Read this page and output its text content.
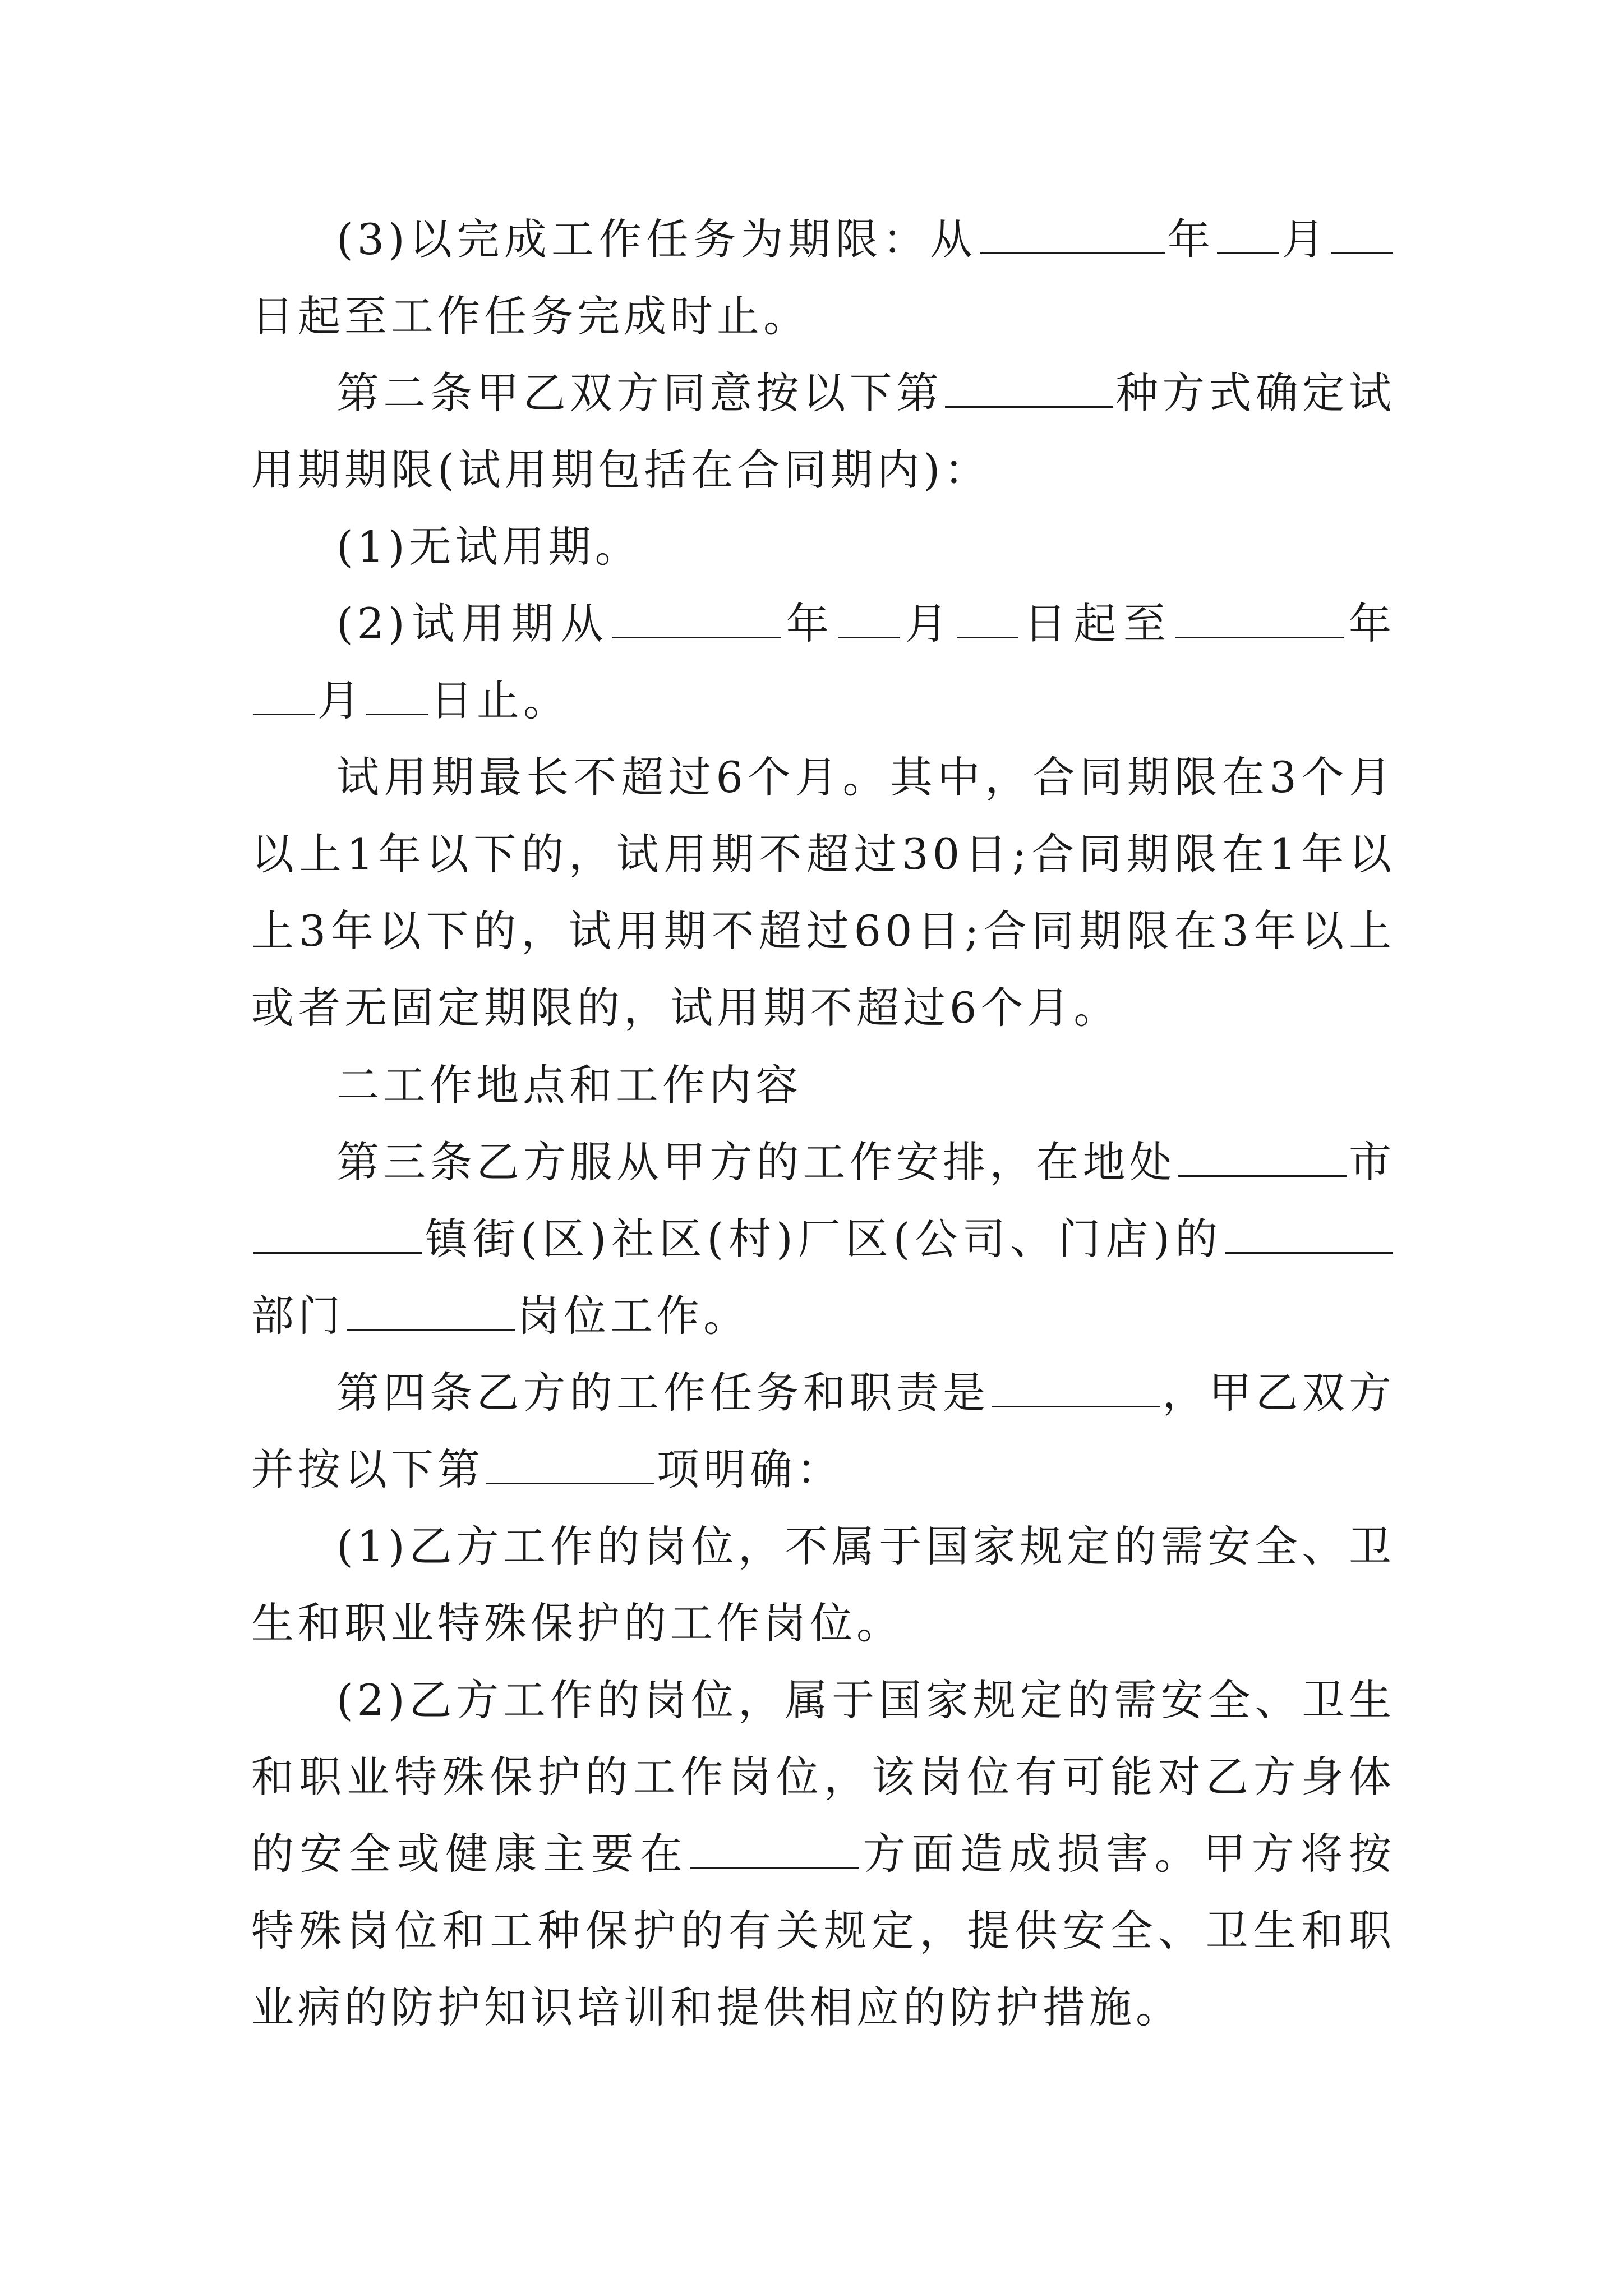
(3)以完成工作任务为期限：从	年 月日起至工作任务完成时止。

第二条甲乙双方同意按以下第	种方式确定试用期期限(试用期包括在合同期内)：

(1)无试用期。

(2)试用期从	年 月 日起至	年月 日止。

试用期最长不超过6个月。其中，合同期限在3个月以上1年以下的，试用期不超过30日;合同期限在1年以上3年以下的，试用期不超过60日;合同期限在3年以上或者无固定期限的，试用期不超过6个月。

二工作地点和工作内容

第三条乙方服从甲方的工作安排，在地处	市镇街(区)社区(村)厂区(公司、门店)的部门	岗位工作。

第四条乙方的工作任务和职责是	，甲乙双方并按以下第	项明确：

(1)乙方工作的岗位，不属于国家规定的需安全、卫生和职业特殊保护的工作岗位。

(2)乙方工作的岗位，属于国家规定的需安全、卫生和职业特殊保护的工作岗位，该岗位有可能对乙方身体的安全或健康主要在	方面造成损害。甲方将按特殊岗位和工种保护的有关规定，提供安全、卫生和职业病的防护知识培训和提供相应的防护措施。
